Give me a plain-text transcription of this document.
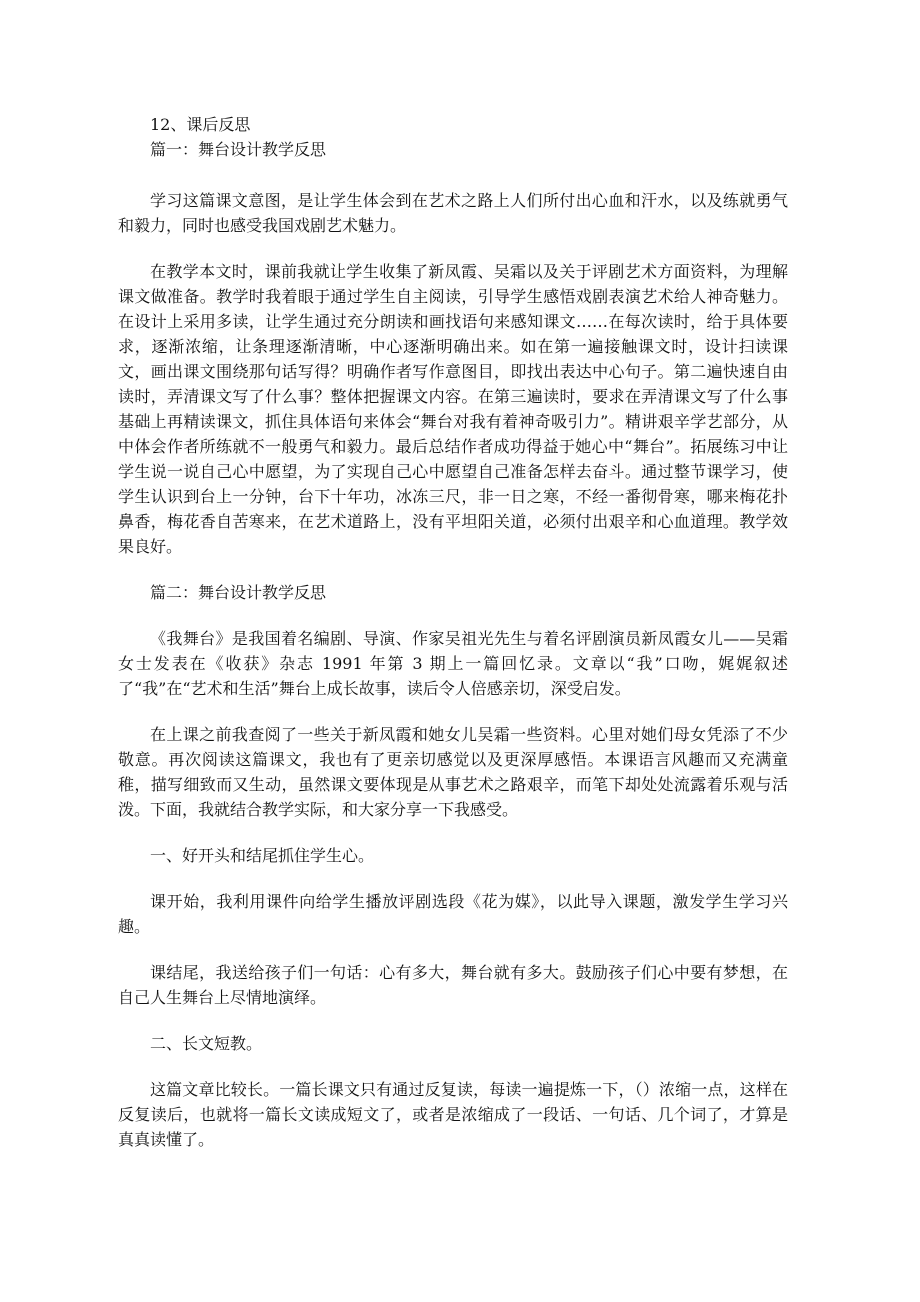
12、课后反思

篇一：舞台设计教学反思

学习这篇课文意图，是让学生体会到在艺术之路上人们所付出心血和汗水，以及练就勇气和毅力，同时也感受我国戏剧艺术魅力。

在教学本文时，课前我就让学生收集了新凤霞、吴霜以及关于评剧艺术方面资料，为理解课文做准备。教学时我着眼于通过学生自主阅读，引导学生感悟戏剧表演艺术给人神奇魅力。在设计上采用多读，让学生通过充分朗读和画找语句来感知课文……在每次读时，给于具体要求，逐渐浓缩，让条理逐渐清晰，中心逐渐明确出来。如在第一遍接触课文时，设计扫读课文，画出课文围绕那句话写得？明确作者写作意图目，即找出表达中心句子。第二遍快速自由读时，弄清课文写了什么事？整体把握课文内容。在第三遍读时，要求在弄清课文写了什么事基础上再精读课文，抓住具体语句来体会“舞台对我有着神奇吸引力”。精讲艰辛学艺部分，从中体会作者所练就不一般勇气和毅力。最后总结作者成功得益于她心中“舞台”。拓展练习中让学生说一说自己心中愿望，为了实现自己心中愿望自己准备怎样去奋斗。通过整节课学习，使学生认识到台上一分钟，台下十年功，冰冻三尺，非一日之寒，不经一番彻骨寒，哪来梅花扑鼻香，梅花香自苦寒来，在艺术道路上，没有平坦阳关道，必须付出艰辛和心血道理。教学效果良好。

篇二：舞台设计教学反思

《我舞台》是我国着名编剧、导演、作家吴祖光先生与着名评剧演员新凤霞女儿——吴霜女士发表在《收获》杂志 1991 年第 3 期上一篇回忆录。文章以“我”口吻，娓娓叙述了“我”在“艺术和生活”舞台上成长故事，读后令人倍感亲切，深受启发。

在上课之前我查阅了一些关于新凤霞和她女儿吴霜一些资料。心里对她们母女凭添了不少敬意。再次阅读这篇课文，我也有了更亲切感觉以及更深厚感悟。本课语言风趣而又充满童稚，描写细致而又生动，虽然课文要体现是从事艺术之路艰辛，而笔下却处处流露着乐观与活泼。下面，我就结合教学实际，和大家分享一下我感受。

一、好开头和结尾抓住学生心。

课开始，我利用课件向给学生播放评剧选段《花为媒》，以此导入课题，激发学生学习兴趣。

课结尾，我送给孩子们一句话：心有多大，舞台就有多大。鼓励孩子们心中要有梦想，在自己人生舞台上尽情地演绎。

二、长文短教。

这篇文章比较长。一篇长课文只有通过反复读，每读一遍提炼一下，（）浓缩一点，这样在反复读后，也就将一篇长文读成短文了，或者是浓缩成了一段话、一句话、几个词了，才算是真真读懂了。
